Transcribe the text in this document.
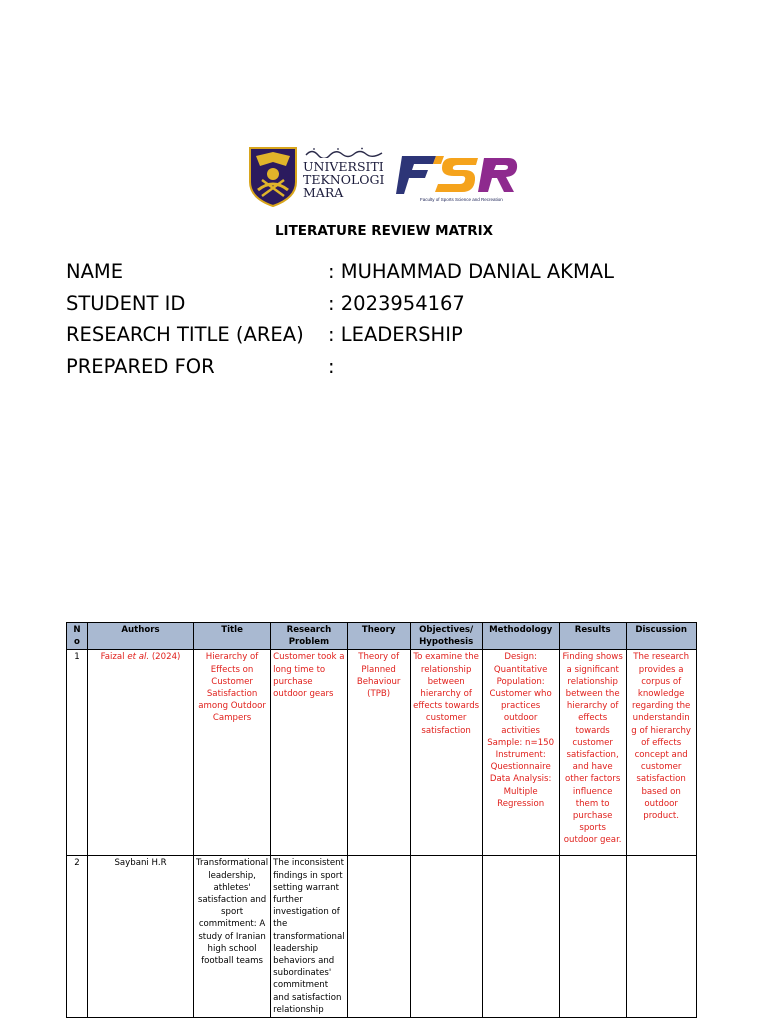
UNIVERSITI
TEKNOLOGI
MARA	Faculty of Sports Science and Recreation
LITERATURE REVIEW MATRIX
NAME	: MUHAMMAD DANIAL AKMAL
STUDENT ID	: 2023954167
RESEARCH TITLE (AREA) : LEADERSHIP
PREPARED FOR	:
N o	Authors	Title	Research Problem	Theory	Objectives/ Hypothesis	Methodology	Results	Discussion
1	Faizal et al. (2024)	Hierarchy of Effects on Customer Satisfaction among Outdoor Campers	Customer took a long time to purchase outdoor gears	Theory of Planned Behaviour (TPB)	To examine the relationship between hierarchy of effects towards customer satisfaction	Design: Quantitative
Population: Customer who practices outdoor activities
Sample: n=150
Instrument: Questionnaire
Data Analysis: Multiple Regression	Finding shows a significant relationship between the hierarchy of effects towards customer satisfaction, and have other factors influence them to purchase sports outdoor gear.	The research provides a corpus of knowledge regarding the understandin g of hierarchy of effects concept and customer satisfaction based on outdoor product.
2	Saybani H.R	Transformational leadership, athletes' satisfaction and sport commitment: A study of Iranian high school football teams	The inconsistent findings in sport setting warrant further investigation of the transformational leadership behaviors and subordinates' commitment and satisfaction relationship					
